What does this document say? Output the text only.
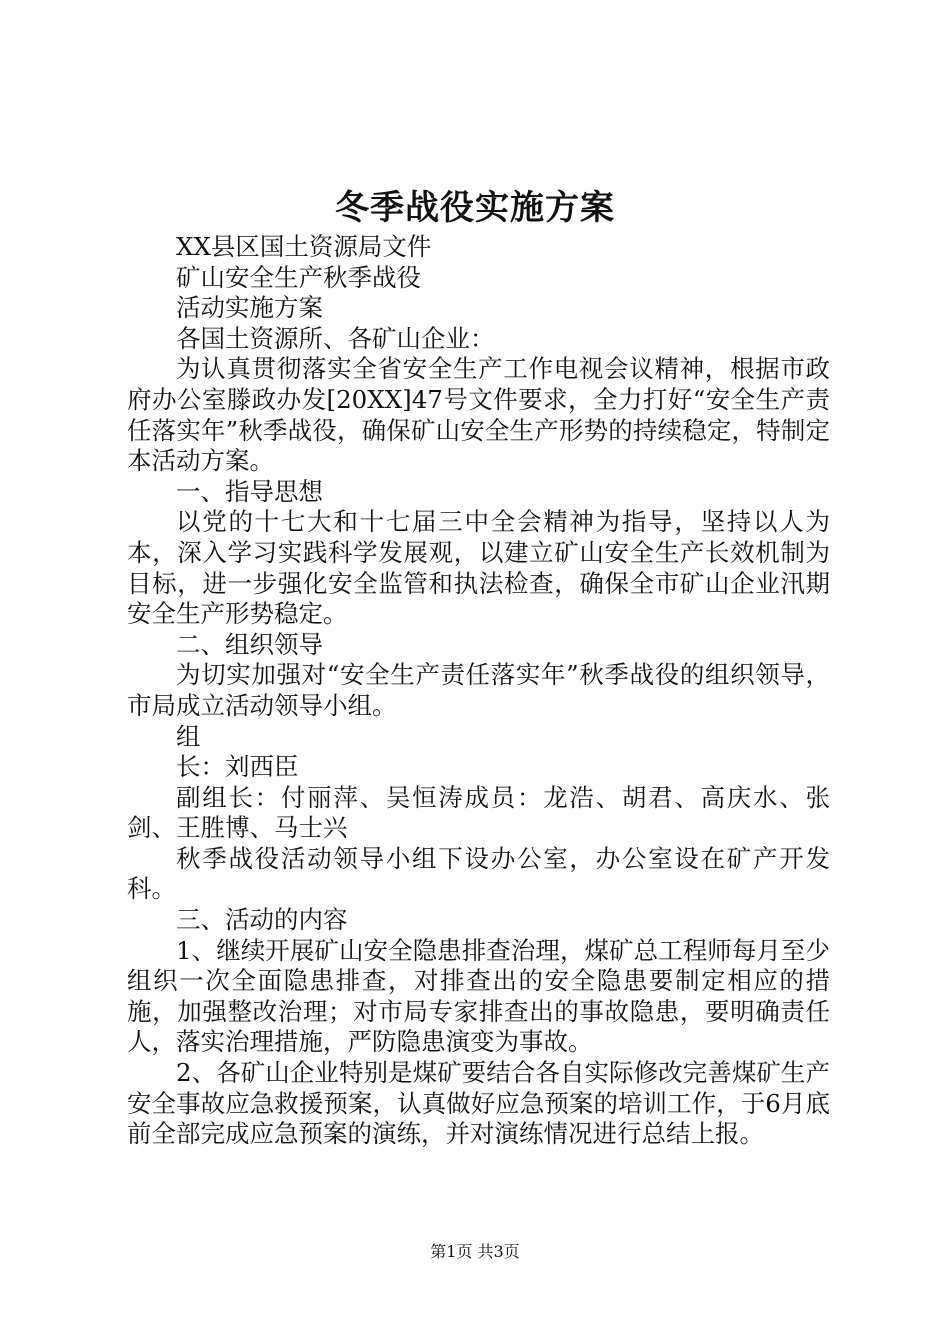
冬季战役实施方案

XX县区国土资源局文件

矿山安全生产秋季战役

活动实施方案

各国土资源所、各矿山企业：

为认真贯彻落实全省安全生产工作电视会议精神，根据市政府办公室滕政办发[20XX]47号文件要求，全力打好“安全生产责任落实年”秋季战役，确保矿山安全生产形势的持续稳定，特制定本活动方案。

一、指导思想

以党的十七大和十七届三中全会精神为指导，坚持以人为本，深入学习实践科学发展观，以建立矿山安全生产长效机制为目标，进一步强化安全监管和执法检查，确保全市矿山企业汛期安全生产形势稳定。

二、组织领导

为切实加强对“安全生产责任落实年”秋季战役的组织领导，市局成立活动领导小组。

组

长：刘西臣

副组长：付丽萍、吴恒涛成员：龙浩、胡君、高庆水、张剑、王胜博、马士兴

秋季战役活动领导小组下设办公室，办公室设在矿产开发科。

三、活动的内容

1、继续开展矿山安全隐患排查治理，煤矿总工程师每月至少组织一次全面隐患排查，对排查出的安全隐患要制定相应的措施，加强整改治理；对市局专家排查出的事故隐患，要明确责任人，落实治理措施，严防隐患演变为事故。

2、各矿山企业特别是煤矿要结合各自实际修改完善煤矿生产安全事故应急救援预案，认真做好应急预案的培训工作，于6月底前全部完成应急预案的演练，并对演练情况进行总结上报。

第1页 共3页
